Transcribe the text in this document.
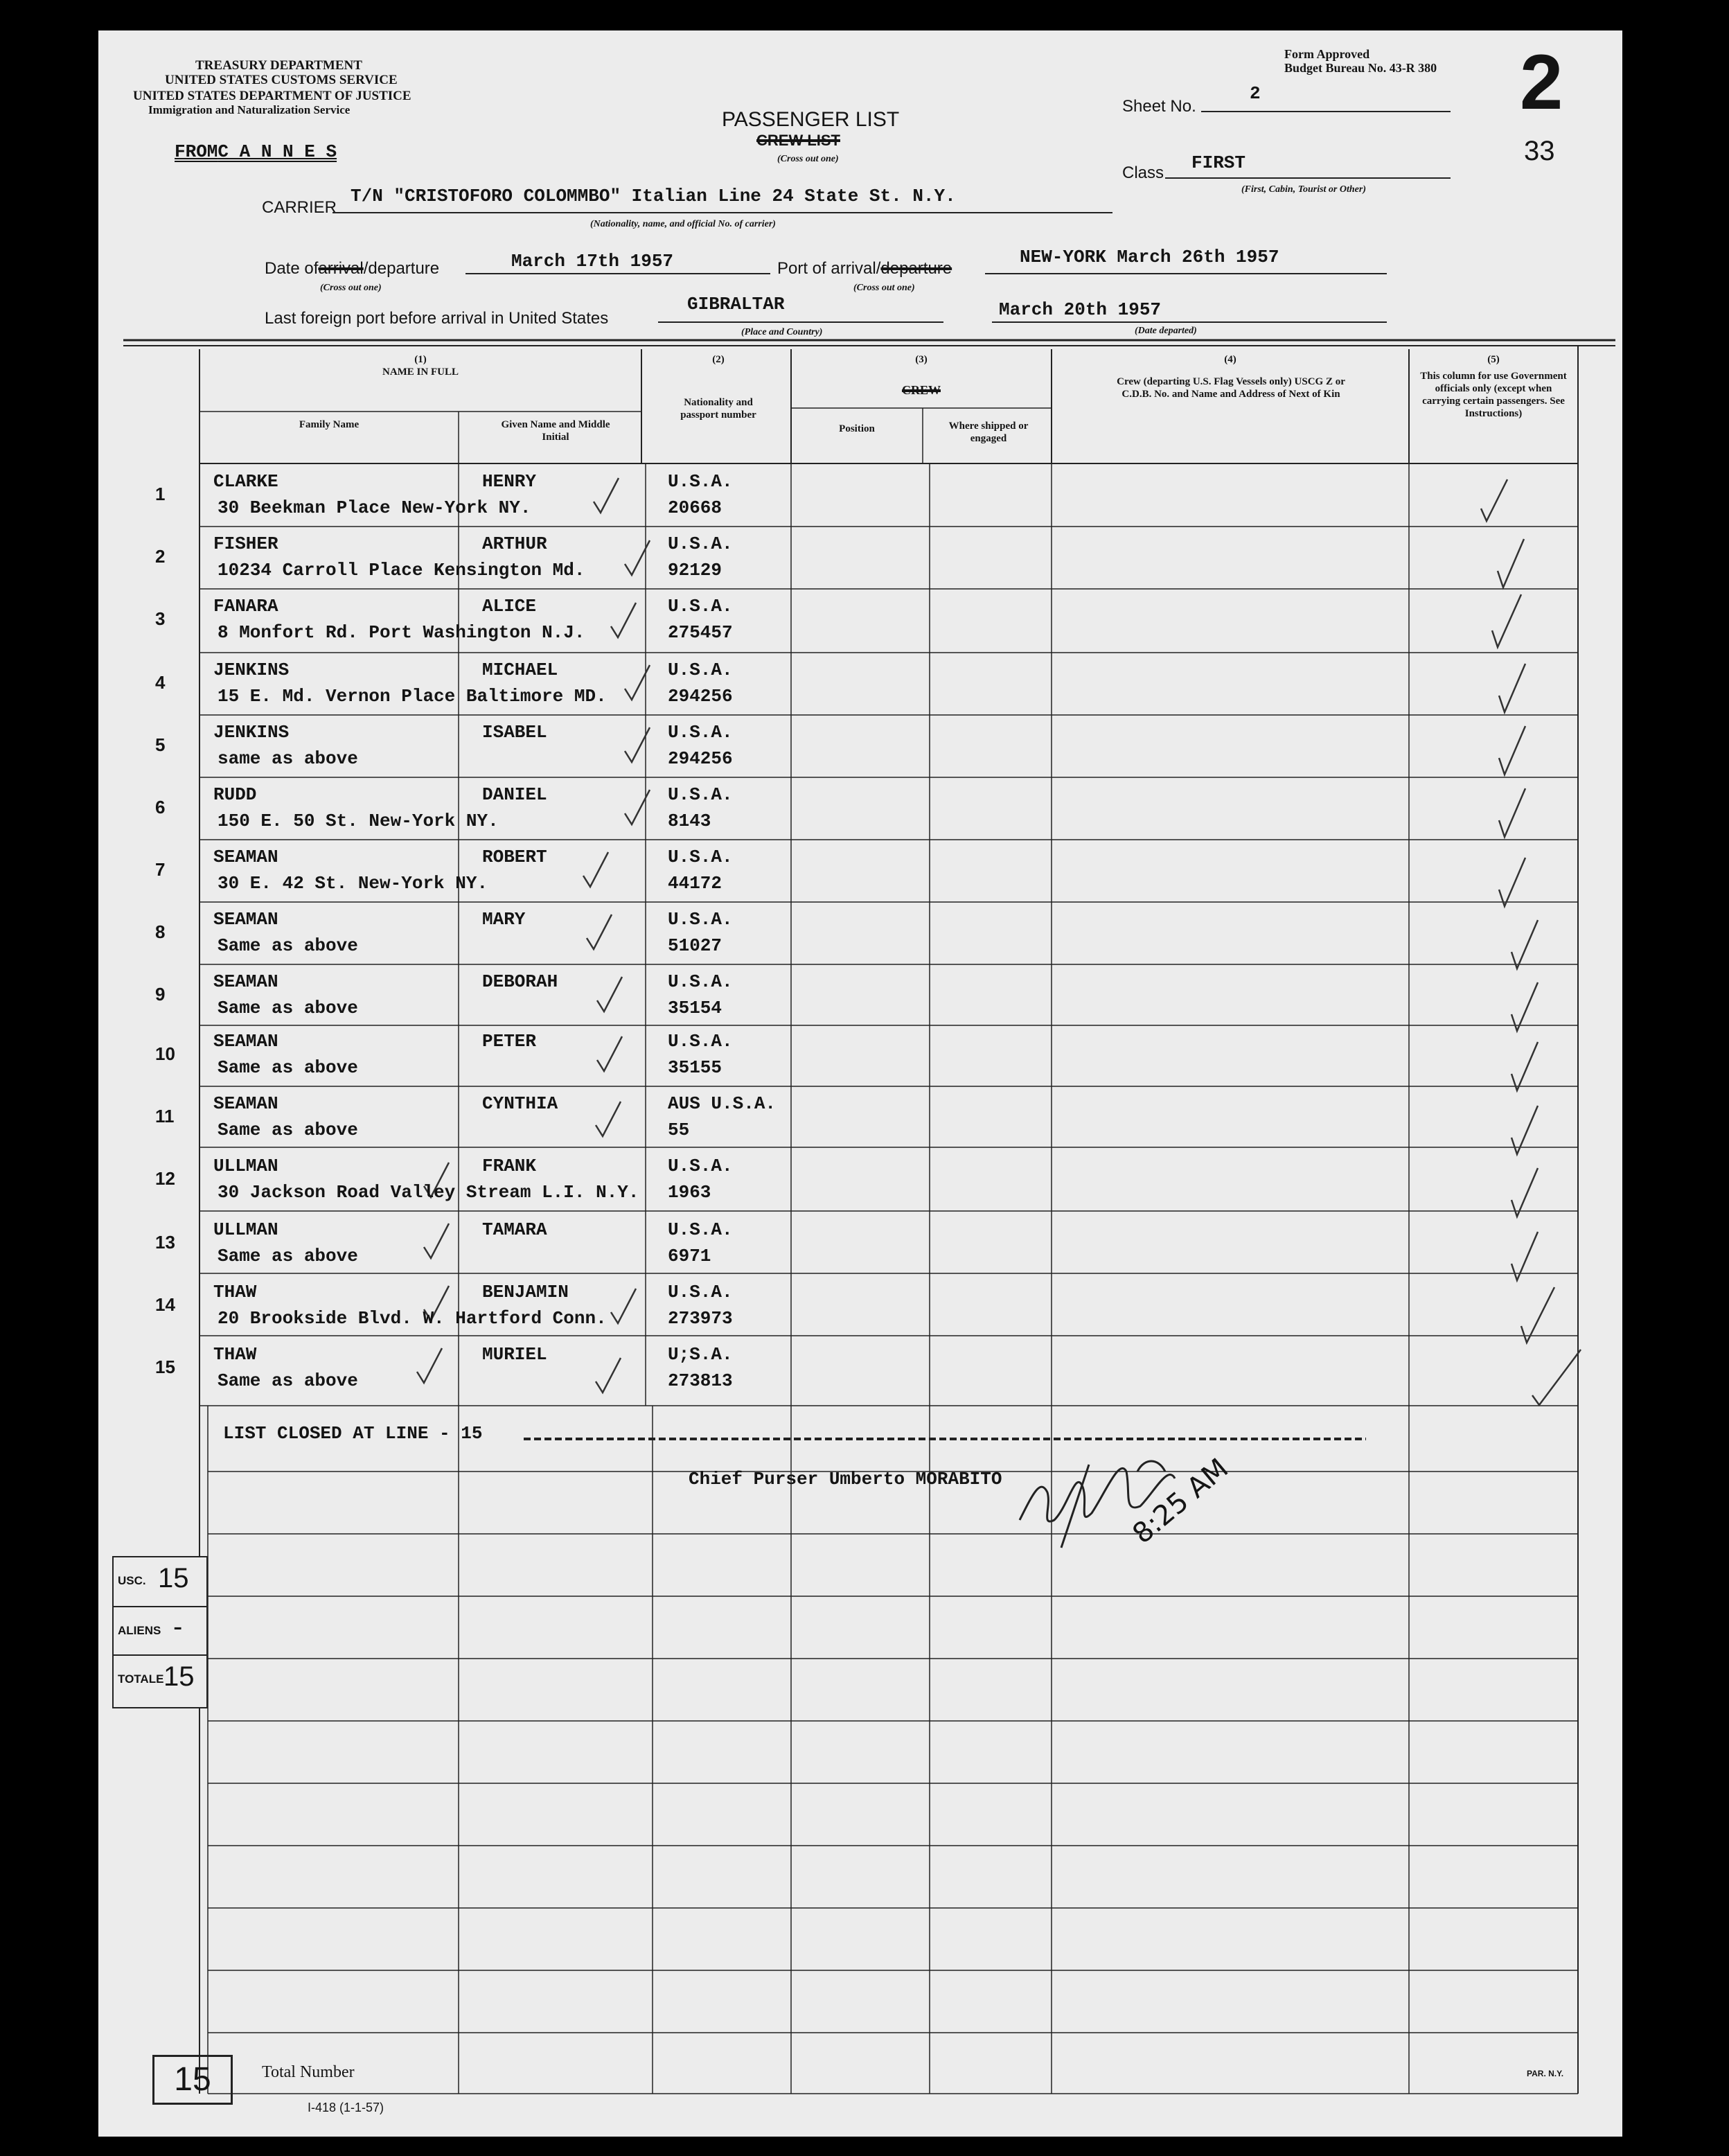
TREASURY DEPARTMENT
UNITED STATES CUSTOMS SERVICE
UNITED STATES DEPARTMENT OF JUSTICE
Immigration and Naturalization Service
FROMC A N N E S
PASSENGER LIST
CREW LIST
(Cross out one)
Form Approved
Budget Bureau No. 43-R 380 2
33
Sheet No.
2
Class FIRST
(First, Cabin, Tourist or Other)
CARRIER
T/N "CRISTOFORO COLOMMBO" Italian Line 24 State St. N.Y.
(Nationality, name, and official No. of carrier)
Date ofarrival/departure	March 17th 1957
(Cross out one)
Port of arrival/departure
NEW-YORK March 26th 1957
(Cross out one)
Last foreign port before arrival in United States
GIBRALTAR
(Place and Country)
March 20th 1957
(Date departed)
(1)
NAME IN FULL
Family Name	Given Name and Middle Initial
(2)
Nationality and passport number
(3)
CREW
Position	Where shipped or engaged
(4)
Crew (departing U.S. Flag Vessels only) USCG Z or C.D.B. No. and Name and Address of Next of Kin
(5)
This column for use Government officials only (except when carrying certain passengers. See Instructions)
1
CLARKE	HENRY
30 Beekman Place New-York NY.
U.S.A.
20668
2
FISHER	ARTHUR
10234 Carroll Place Kensington Md.
U.S.A.
92129
3
FANARA	ALICE
8 Monfort Rd. Port Washington N.J.
U.S.A.
275457
4
JENKINS	MICHAEL
15 E. Md. Vernon Place Baltimore MD.
U.S.A.
294256
5
JENKINS	ISABEL
same as above
U.S.A.
294256
6
RUDD	DANIEL
150 E. 50 St. New-York NY.
U.S.A.
8143
7
SEAMAN	ROBERT
30 E. 42 St. New-York NY.
U.S.A.
44172
8
SEAMAN	MARY
Same as above
U.S.A.
51027
9
SEAMAN	DEBORAH
Same as above
U.S.A.
35154
10
SEAMAN	PETER
Same as above
U.S.A.
35155
11
SEAMAN	CYNTHIA
Same as above
AUS U.S.A.
55
12
ULLMAN	FRANK
30 Jackson Road Valley Stream L.I. N.Y.
U.S.A.
1963
13
ULLMAN	TAMARA
Same as above
U.S.A.
6971
14
THAW	BENJAMIN
20 Brookside Blvd. W. Hartford Conn.
U.S.A.
273973
15
THAW	MURIEL
Same as above
U;S.A.
273813
LIST CLOSED AT LINE - 15
Chief Purser Umberto MORABITO	8:25 AM
USC. 15
ALIENS -
TOTALE 15
15	Total Number
I-418 (1-1-57)
PAR. N.Y.
